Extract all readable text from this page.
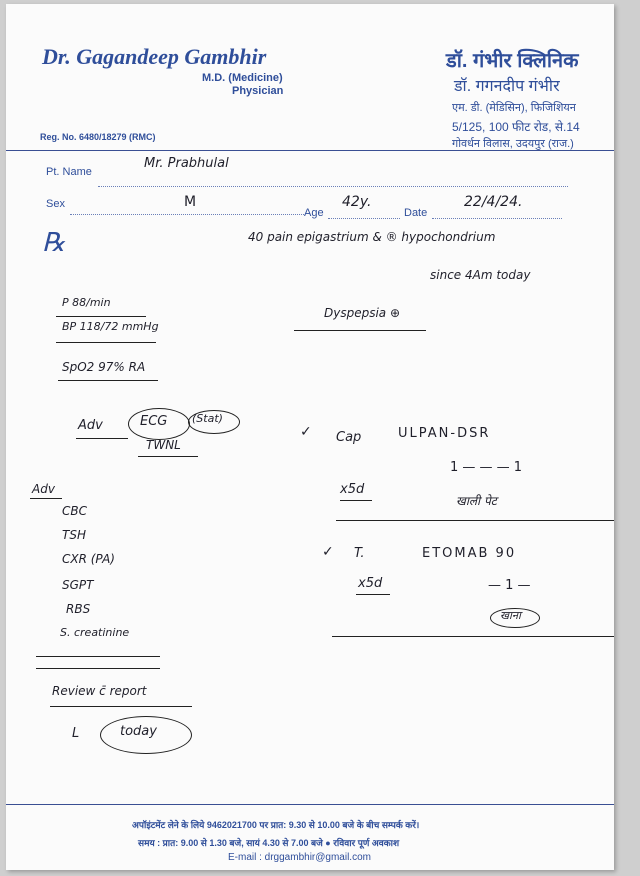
Dr. Gagandeep Gambhir
M.D. (Medicine)
Physician
Reg. No. 6480/18279 (RMC)
डॉ. गंभीर क्लिनिक
डॉ. गगनदीप गंभीर
एम. डी. (मेडिसिन), फिजिशियन
5/125, 100 फीट रोड, से.14
गोवर्धन विलास, उदयपुर (राज.)
Pt. Name
Mr. Prabhulal
Sex	M
Age
42y.
Date
22/4/24.
℞	40 pain epigastrium & ® hypochondrium
since 4Am today
P 88/min
BP 118/72 mmHg
SpO2 97% RA
Dyspepsia ⊕
Adv	ECG (Stat)
TWNL
Adv
CBC
TSH
CXR (PA)
SGPT
RBS
S. creatinine
Review c̄ report
L	today
✓ Cap	ULPAN-DSR
1 — — — 1
x5d
खाली पेट
✓ T.	ETOMAB 90
x5d	— 1 —
खाना
अपॉइंटमेंट लेने के लिये 9462021700 पर प्रात: 9.30 से 10.00 बजे के बीच सम्पर्क करें।
समय : प्रात: 9.00 से 1.30 बजे, सायं 4.30 से 7.00 बजे ● रविवार पूर्ण अवकाश
E-mail : drggambhir@gmail.com
